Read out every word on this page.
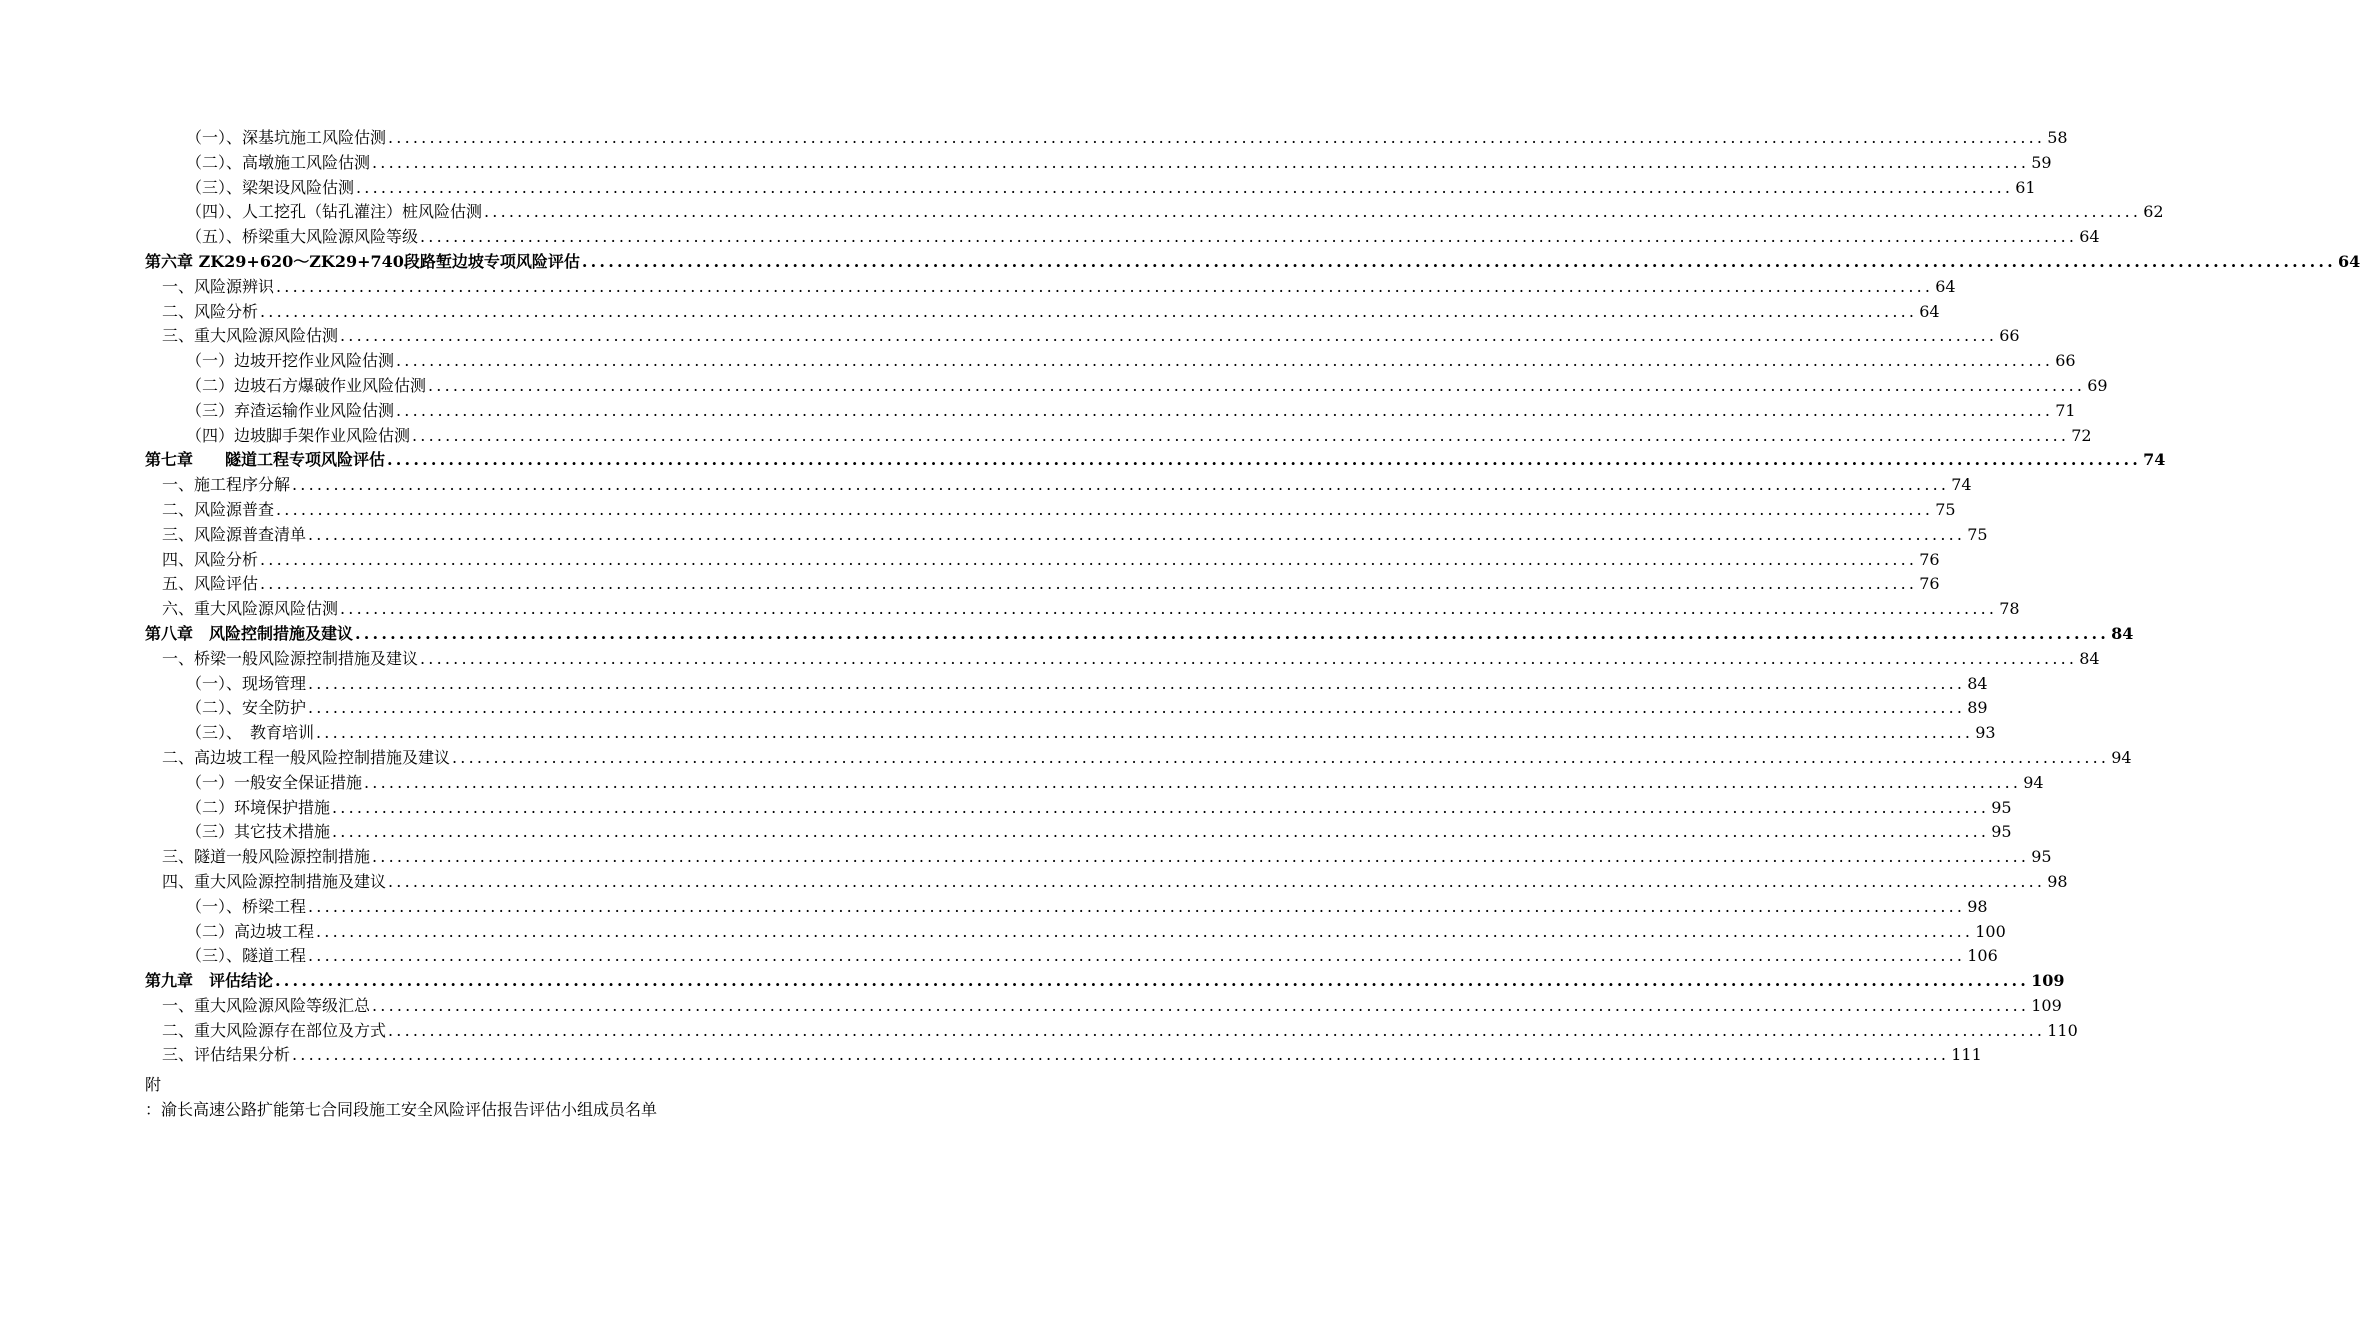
（一）、深基坑施工风险估测 ........................................................................................................................................................................................................ 58
（二）、高墩施工风险估测 ........................................................................................................................................................................................................ 59
（三）、梁架设风险估测 ........................................................................................................................................................................................................ 61
（四）、人工挖孔（钻孔灌注）桩风险估测 ........................................................................................................................................................................................................ 62
（五）、桥梁重大风险源风险等级 ........................................................................................................................................................................................................ 64
第六章 ZK29+620～ZK29+740段路堑边坡专项风险评估 ........................................................................................................................................................................................................ 64
一、风险源辨识 ........................................................................................................................................................................................................ 64
二、风险分析 ........................................................................................................................................................................................................ 64
三、重大风险源风险估测 ........................................................................................................................................................................................................ 66
（一）边坡开挖作业风险估测 ........................................................................................................................................................................................................ 66
（二）边坡石方爆破作业风险估测 ........................................................................................................................................................................................................ 69
（三）弃渣运输作业风险估测 ........................................................................................................................................................................................................ 71
（四）边坡脚手架作业风险估测 ........................................................................................................................................................................................................ 72
第七章　　隧道工程专项风险评估 ........................................................................................................................................................................................................ 74
一、施工程序分解 ........................................................................................................................................................................................................ 74
二、风险源普查 ........................................................................................................................................................................................................ 75
三、风险源普查清单 ........................................................................................................................................................................................................ 75
四、风险分析 ........................................................................................................................................................................................................ 76
五、风险评估 ........................................................................................................................................................................................................ 76
六、重大风险源风险估测 ........................................................................................................................................................................................................ 78
第八章　风险控制措施及建议 ........................................................................................................................................................................................................ 84
一、桥梁一般风险源控制措施及建议 ........................................................................................................................................................................................................ 84
（一）、现场管理 ........................................................................................................................................................................................................ 84
（二）、安全防护 ........................................................................................................................................................................................................ 89
（三）、　教育培训 ........................................................................................................................................................................................................ 93
二、高边坡工程一般风险控制措施及建议 ........................................................................................................................................................................................................ 94
（一）一般安全保证措施 ........................................................................................................................................................................................................ 94
（二）环境保护措施 ........................................................................................................................................................................................................ 95
（三）其它技术措施 ........................................................................................................................................................................................................ 95
三、隧道一般风险源控制措施 ........................................................................................................................................................................................................ 95
四、重大风险源控制措施及建议 ........................................................................................................................................................................................................ 98
（一）、桥梁工程 ........................................................................................................................................................................................................ 98
（二）高边坡工程 ........................................................................................................................................................................................................ 100
（三）、隧道工程 ........................................................................................................................................................................................................ 106
第九章　评估结论 ........................................................................................................................................................................................................ 109
一、重大风险源风险等级汇总 ........................................................................................................................................................................................................ 109
二、重大风险源存在部位及方式 ........................................................................................................................................................................................................ 110
三、评估结果分析 ........................................................................................................................................................................................................ 111

附

：渝长高速公路扩能第七合同段施工安全风险评估报告评估小组成员名单
